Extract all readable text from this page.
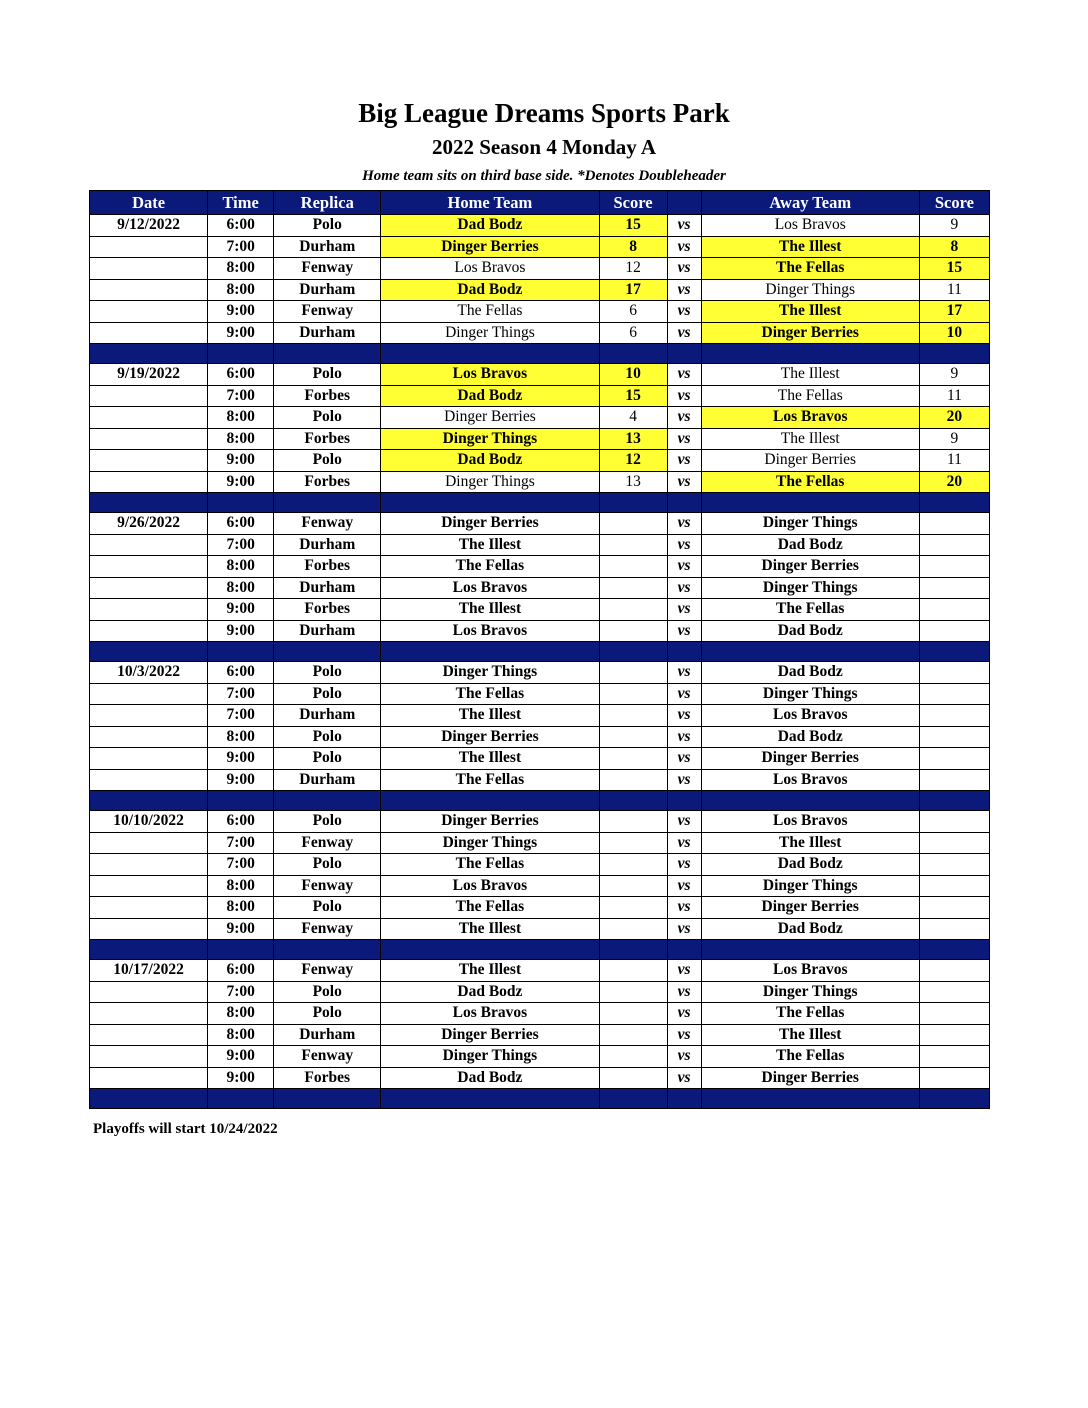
Big League Dreams Sports Park
2022 Season 4 Monday A
Home team sits on third base side. *Denotes Doubleheader
Date	Time	Replica	Home Team	Score		Away Team	Score
9/12/2022	6:00	Polo	Dad Bodz	15	vs	Los Bravos	9
	7:00	Durham	Dinger Berries	8	vs	The Illest	8
	8:00	Fenway	Los Bravos	12	vs	The Fellas	15
	8:00	Durham	Dad Bodz	17	vs	Dinger Things	11
	9:00	Fenway	The Fellas	6	vs	The Illest	17
	9:00	Durham	Dinger Things	6	vs	Dinger Berries	10

9/19/2022	6:00	Polo	Los Bravos	10	vs	The Illest	9
	7:00	Forbes	Dad Bodz	15	vs	The Fellas	11
	8:00	Polo	Dinger Berries	4	vs	Los Bravos	20
	8:00	Forbes	Dinger Things	13	vs	The Illest	9
	9:00	Polo	Dad Bodz	12	vs	Dinger Berries	11
	9:00	Forbes	Dinger Things	13	vs	The Fellas	20

9/26/2022	6:00	Fenway	Dinger Berries		vs	Dinger Things	
	7:00	Durham	The Illest		vs	Dad Bodz	
	8:00	Forbes	The Fellas		vs	Dinger Berries	
	8:00	Durham	Los Bravos		vs	Dinger Things	
	9:00	Forbes	The Illest		vs	The Fellas	
	9:00	Durham	Los Bravos		vs	Dad Bodz	

10/3/2022	6:00	Polo	Dinger Things		vs	Dad Bodz	
	7:00	Polo	The Fellas		vs	Dinger Things	
	7:00	Durham	The Illest		vs	Los Bravos	
	8:00	Polo	Dinger Berries		vs	Dad Bodz	
	9:00	Polo	The Illest		vs	Dinger Berries	
	9:00	Durham	The Fellas		vs	Los Bravos	

10/10/2022	6:00	Polo	Dinger Berries		vs	Los Bravos	
	7:00	Fenway	Dinger Things		vs	The Illest	
	7:00	Polo	The Fellas		vs	Dad Bodz	
	8:00	Fenway	Los Bravos		vs	Dinger Things	
	8:00	Polo	The Fellas		vs	Dinger Berries	
	9:00	Fenway	The Illest		vs	Dad Bodz	

10/17/2022	6:00	Fenway	The Illest		vs	Los Bravos	
	7:00	Polo	Dad Bodz		vs	Dinger Things	
	8:00	Polo	Los Bravos		vs	The Fellas	
	8:00	Durham	Dinger Berries		vs	The Illest	
	9:00	Fenway	Dinger Things		vs	The Fellas	
	9:00	Forbes	Dad Bodz		vs	Dinger Berries	

Playoffs will start 10/24/2022
